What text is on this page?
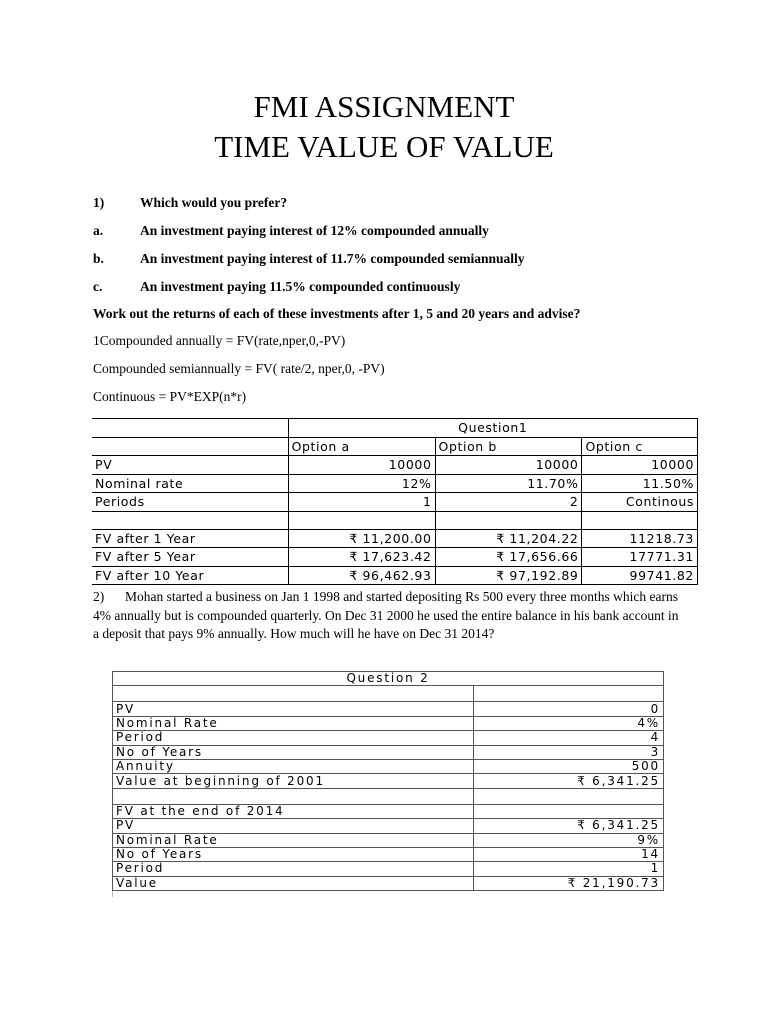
FMI ASSIGNMENT
TIME VALUE OF VALUE
1)	Which would you prefer?
a.	An investment paying interest of 12% compounded annually
b.	An investment paying interest of 11.7% compounded semiannually
c.	An investment paying 11.5% compounded continuously
Work out the returns of each of these investments after 1, 5 and 20 years and advise?
1Compounded annually = FV(rate,nper,0,-PV)
Compounded semiannually = FV( rate/2, nper,0, -PV)
Continuous = PV*EXP(n*r)
	Question1		
	Option a	Option b	Option c
PV	10000	10000	10000
Nominal rate	12%	11.70%	11.50%
Periods	1	2	Continous

FV after 1 Year	₹ 11,200.00	₹ 11,204.22	11218.73
FV after 5 Year	₹ 17,623.42	₹ 17,656.66	17771.31
FV after 10 Year	₹ 96,462.93	₹ 97,192.89	99741.82
2) Mohan started a business on Jan 1 1998 and started depositing Rs 500 every three months which earns 4% annually but is compounded quarterly. On Dec 31 2000 he used the entire balance in his bank account in a deposit that pays 9% annually. How much will he have on Dec 31 2014?
Question 2	

PV	0
Nominal Rate	4%
Period	4
No of Years	3
Annuity	500
Value at beginning of 2001	₹ 6,341.25

FV at the end of 2014	
PV	₹ 6,341.25
Nominal Rate	9%
No of Years	14
Period	1
Value	₹ 21,190.73
